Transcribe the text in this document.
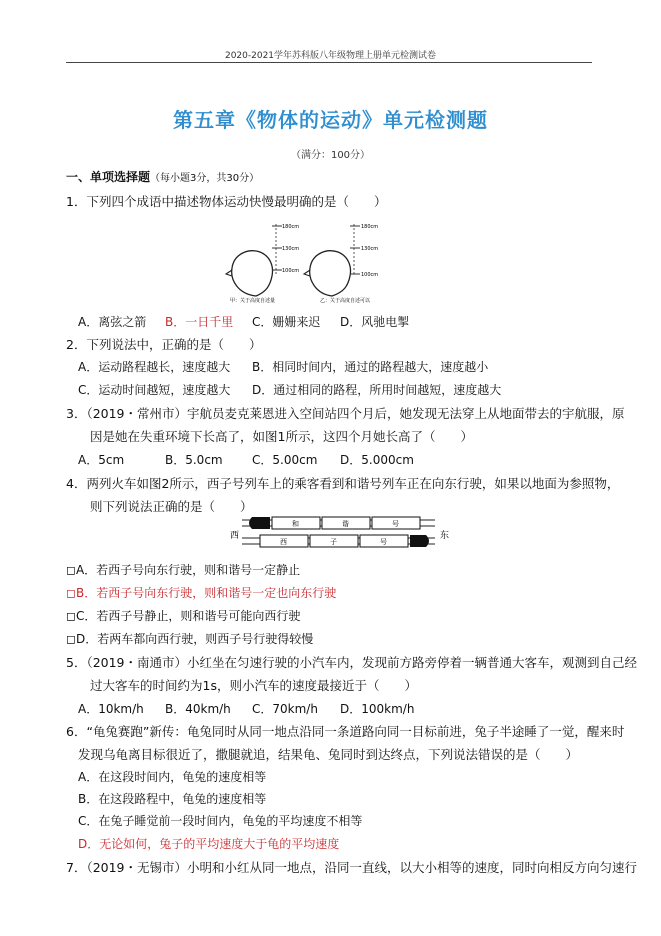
2020-2021学年苏科版八年级物理上册单元检测试卷
第五章《物体的运动》单元检测题
（满分：100分）
一、单项选择题（每小题3分，共30分）
1．下列四个成语中描述物体运动快慢最明确的是（　　）
180cm
130cm
100cm
180cm
130cm
100cm
甲：关于高度自述量	乙：关于高度自述可以
A．离弦之箭 B．一日千里 C．姗姗来迟 D．风驰电掣
2．下列说法中，正确的是（　　）
A．运动路程越长，速度越大 B．相同时间内，通过的路程越大，速度越小
C．运动时间越短，速度越大 D．通过相同的路程，所用时间越短，速度越大
3．（2019・常州市）宇航员麦克莱恩进入空间站四个月后，她发现无法穿上从地面带去的宇航服，原
因是她在失重环境下长高了，如图1所示，这四个月她长高了（　　）
A．5cm	B．5.0cm C．5.00cm D．5.000cm
4．两列火车如图2所示，西子号列车上的乘客看到和谐号列车正在向东行驶，如果以地面为参照物，
则下列说法正确的是（　　）
西	东
和	谐	号
西	子	号
◻A．若西子号向东行驶，则和谐号一定静止
◻B．若西子号向东行驶，则和谐号一定也向东行驶
◻C．若西子号静止，则和谐号可能向西行驶
◻D．若两车都向西行驶，则西子号行驶得较慢
5．（2019・南通市）小红坐在匀速行驶的小汽车内，发现前方路旁停着一辆普通大客车，观测到自己经
过大客车的时间约为1s，则小汽车的速度最接近于（　　）
A．10km/h B．40km/h C．70km/h D．100km/h
6．“龟兔赛跑”新传：龟兔同时从同一地点沿同一条道路向同一目标前进，兔子半途睡了一觉，醒来时
发现乌龟离目标很近了，撒腿就追，结果龟、兔同时到达终点，下列说法错误的是（　　）
A．在这段时间内，龟兔的速度相等
B．在这段路程中，龟兔的速度相等
C．在兔子睡觉前一段时间内，龟兔的平均速度不相等
D．无论如何，兔子的平均速度大于龟的平均速度
7．（2019・无锡市）小明和小红从同一地点，沿同一直线，以大小相等的速度，同时向相反方向匀速行
